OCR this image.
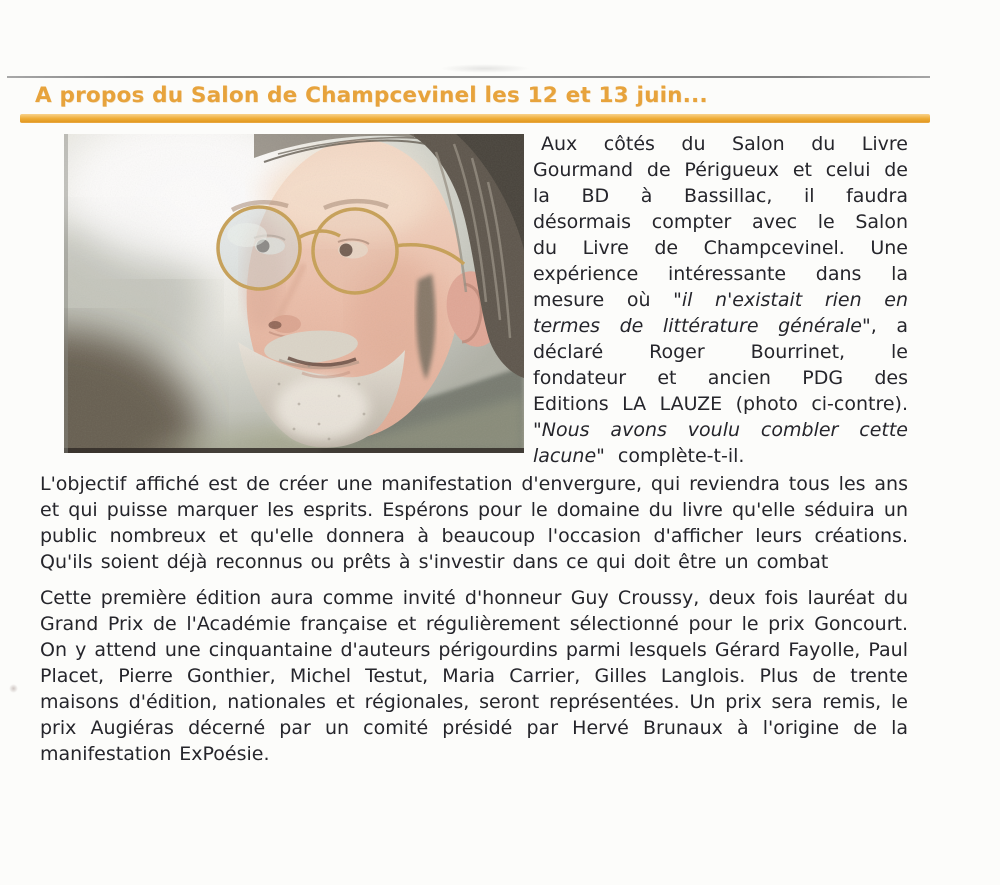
A propos du Salon de Champcevinel les 12 et 13 juin...

Aux côtés du Salon du Livre Gourmand de Périgueux et celui de la BD à Bassillac, il faudra désormais compter avec le Salon du Livre de Champcevinel. Une expérience intéressante dans la mesure où "il n'existait rien en termes de littérature générale", a déclaré Roger Bourrinet, le fondateur et ancien PDG des Editions LA LAUZE (photo ci-contre). "Nous avons voulu combler cette lacune" complète-t-il.

L'objectif affiché est de créer une manifestation d'envergure, qui reviendra tous les ans et qui puisse marquer les esprits. Espérons pour le domaine du livre qu'elle séduira un public nombreux et qu'elle donnera à beaucoup l'occasion d'afficher leurs créations. Qu'ils soient déjà reconnus ou prêts à s'investir dans ce qui doit être un combat

Cette première édition aura comme invité d'honneur Guy Croussy, deux fois lauréat du Grand Prix de l'Académie française et régulièrement sélectionné pour le prix Goncourt. On y attend une cinquantaine d'auteurs périgourdins parmi lesquels Gérard Fayolle, Paul Placet, Pierre Gonthier, Michel Testut, Maria Carrier, Gilles Langlois. Plus de trente maisons d'édition, nationales et régionales, seront représentées. Un prix sera remis, le prix Augiéras décerné par un comité présidé par Hervé Brunaux à l'origine de la manifestation ExPoésie.
